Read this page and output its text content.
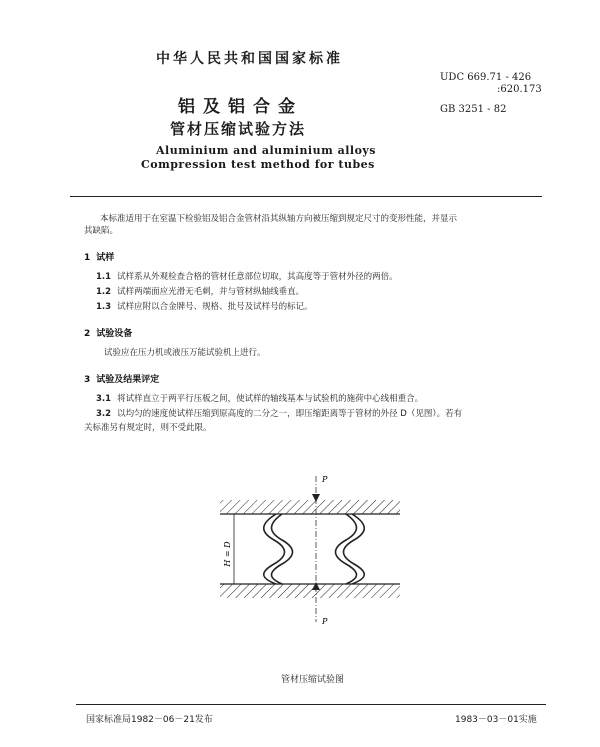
中华人民共和国国家标准
铝及铝合金
管材压缩试验方法
Aluminium and aluminium alloys
Compression test method for tubes
UDC 669.71 - 426
:620.173
GB 3251 - 82
本标准适用于在室温下检验铝及铝合金管材沿其纵轴方向被压缩到规定尺寸的变形性能，并显示
其缺陷。
1 试样
1.1 试样系从外观检查合格的管材任意部位切取，其高度等于管材外径的两倍。
1.2 试样两端面应光滑无毛刺，并与管材纵轴线垂直。
1.3 试样应附以合金牌号、规格、批号及试样号的标记。
2 试验设备
试验应在压力机或液压万能试验机上进行。
3 试验及结果评定
3.1 将试样直立于两平行压板之间，使试样的轴线基本与试验机的施荷中心线相重合。
3.2 以均匀的速度使试样压缩到原高度的二分之一，即压缩距离等于管材的外径 D（见图）。若有
关标准另有规定时，则不受此限。
H = D
P
P
管材压缩试验图
国家标准局1982－06－21发布	1983－03－01实施
